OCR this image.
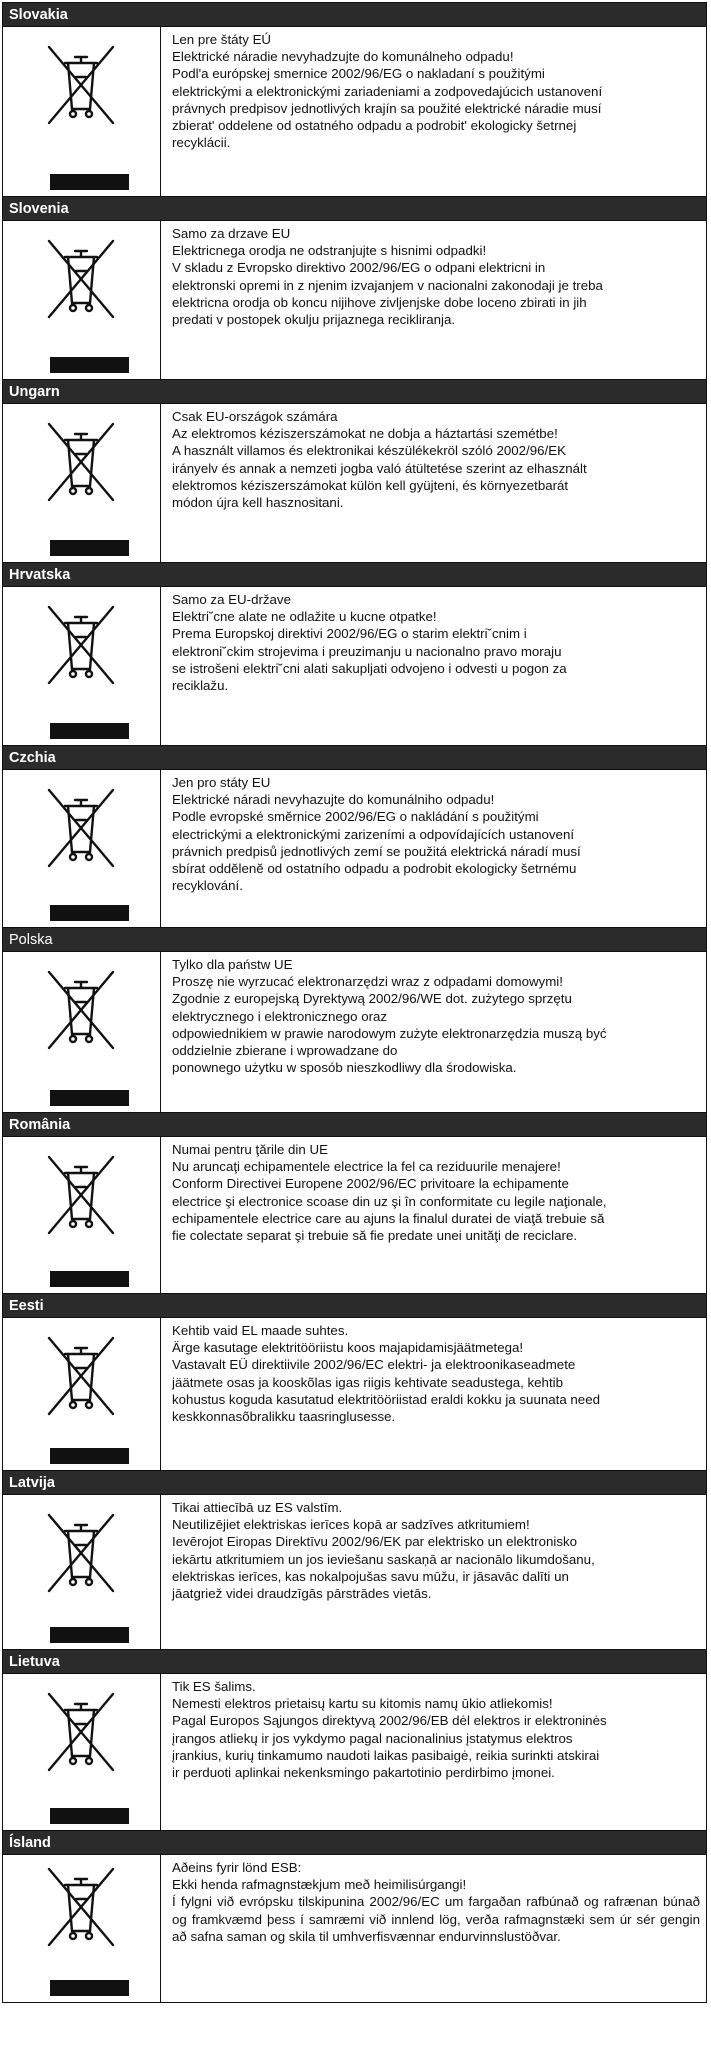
Slovakia
Len pre štáty EÚ
Elektrické náradie nevyhadzujte do komunálneho odpadu!
Podl'a európskej smernice 2002/96/EG o nakladaní s použitými
elektrickými a elektronickými zariadeniami a zodpovedajúcich ustanovení
právnych predpisov jednotlivých krajín sa použité elektrické náradie musí
zbierat' oddelene od ostatného odpadu a podrobit' ekologicky šetrnej
recyklácii.
Slovenia
Samo za drzave EU
Elektricnega orodja ne odstranjujte s hisnimi odpadki!
V skladu z Evropsko direktivo 2002/96/EG o odpani elektricni in
elektronski opremi in z njenim izvajanjem v nacionalni zakonodaji je treba
elektricna orodja ob koncu nijihove zivljenjske dobe loceno zbirati in jih
predati v postopek okulju prijaznega recikliranja.
Ungarn
Csak EU-országok számára
Az elektromos kéziszerszámokat ne dobja a háztartási szemétbe!
A használt villamos és elektronikai készülékekröl szóló 2002/96/EK
irányelv és annak a nemzeti jogba való átültetése szerint az elhasznált
elektromos kéziszerszámokat külön kell gyüjteni, és környezetbarát
módon újra kell hasznositani.
Hrvatska
Samo za EU-države
Elektri˘cne alate ne odlažite u kucne otpatke!
Prema Europskoj direktivi 2002/96/EG o starim elektri˘cnim i
elektroni˘ckim strojevima i preuzimanju u nacionalno pravo moraju
se istrošeni elektri˘cni alati sakupljati odvojeno i odvesti u pogon za
reciklažu.
Czchia
Jen pro státy EU
Elektrické náradi nevyhazujte do komunálniho odpadu!
Podle evropské smĕrnice 2002/96/EG o nakládání s použitými
electrickými a elektronickými zarizeními a odpovídajících ustanovení
právnich predpisů jednotlivých zemí se použitá elektrická náradí musí
sbírat oddĕlenĕ od ostatního odpadu a podrobit ekologicky šetrnému
recyklování.
Polska
Tylko dla państw UE
Proszę nie wyrzucać elektronarzędzi wraz z odpadami domowymi!
Zgodnie z europejską Dyrektywą 2002/96/WE dot. zużytego sprzętu
elektrycznego i elektronicznego oraz
odpowiednikiem w prawie narodowym zużyte elektronarzędzia muszą być
oddzielnie zbierane i wprowadzane do
ponownego użytku w sposób nieszkodliwy dla środowiska.
România
Numai pentru ţările din UE
Nu aruncaţi echipamentele electrice la fel ca reziduurile menajere!
Conform Directivei Europene 2002/96/EC privitoare la echipamente
electrice şi electronice scoase din uz şi în conformitate cu legile naţionale,
echipamentele electrice care au ajuns la finalul duratei de viaţă trebuie să
fie colectate separat şi trebuie să fie predate unei unităţi de reciclare.
Eesti
Kehtib vaid EL maade suhtes.
Ärge kasutage elektritööriistu koos majapidamisjäätmetega!
Vastavalt EÜ direktiivile 2002/96/EC elektri- ja elektroonikaseadmete
jäätmete osas ja kooskõlas igas riigis kehtivate seadustega, kehtib
kohustus koguda kasutatud elektritööriistad eraldi kokku ja suunata need
keskkonnasõbralikku taasringlusesse.
Latvija
Tikai attiecībā uz ES valstīm.
Neutilizējiet elektriskas ierīces kopā ar sadzīves atkritumiem!
Ievērojot Eiropas Direktīvu 2002/96/EK par elektrisko un elektronisko
iekārtu atkritumiem un jos ieviešanu saskaņā ar nacionālo likumdošanu,
elektriskas ierīces, kas nokalpojušas savu mūžu, ir jāsavāc dalīti un
jāatgriež videi draudzīgās pārstrādes vietās.
Lietuva
Tik ES šalims.
Nemesti elektros prietaisų kartu su kitomis namų ūkio atliekomis!
Pagal Europos Sąjungos direktyvą 2002/96/EB dėl elektros ir elektroninės
įrangos atliekų ir jos vykdymo pagal nacionalinius įstatymus elektros
įrankius, kurių tinkamumo naudoti laikas pasibaigė, reikia surinkti atskirai
ir perduoti aplinkai nekenksmingo pakartotinio perdirbimo įmonei.
Ísland
Aðeins fyrir lönd ESB:
Ekki henda rafmagnstækjum með heimilisúrgangi!
Í fylgni við evrópsku tilskipunina 2002/96/EC um fargaðan rafbúnað og rafrænan búnað og framkvæmd þess í samræmi við innlend lög, verða rafmagnstæki sem úr sér gengin að safna saman og skila til umhverfisvænnar endurvinnslustöðvar.
